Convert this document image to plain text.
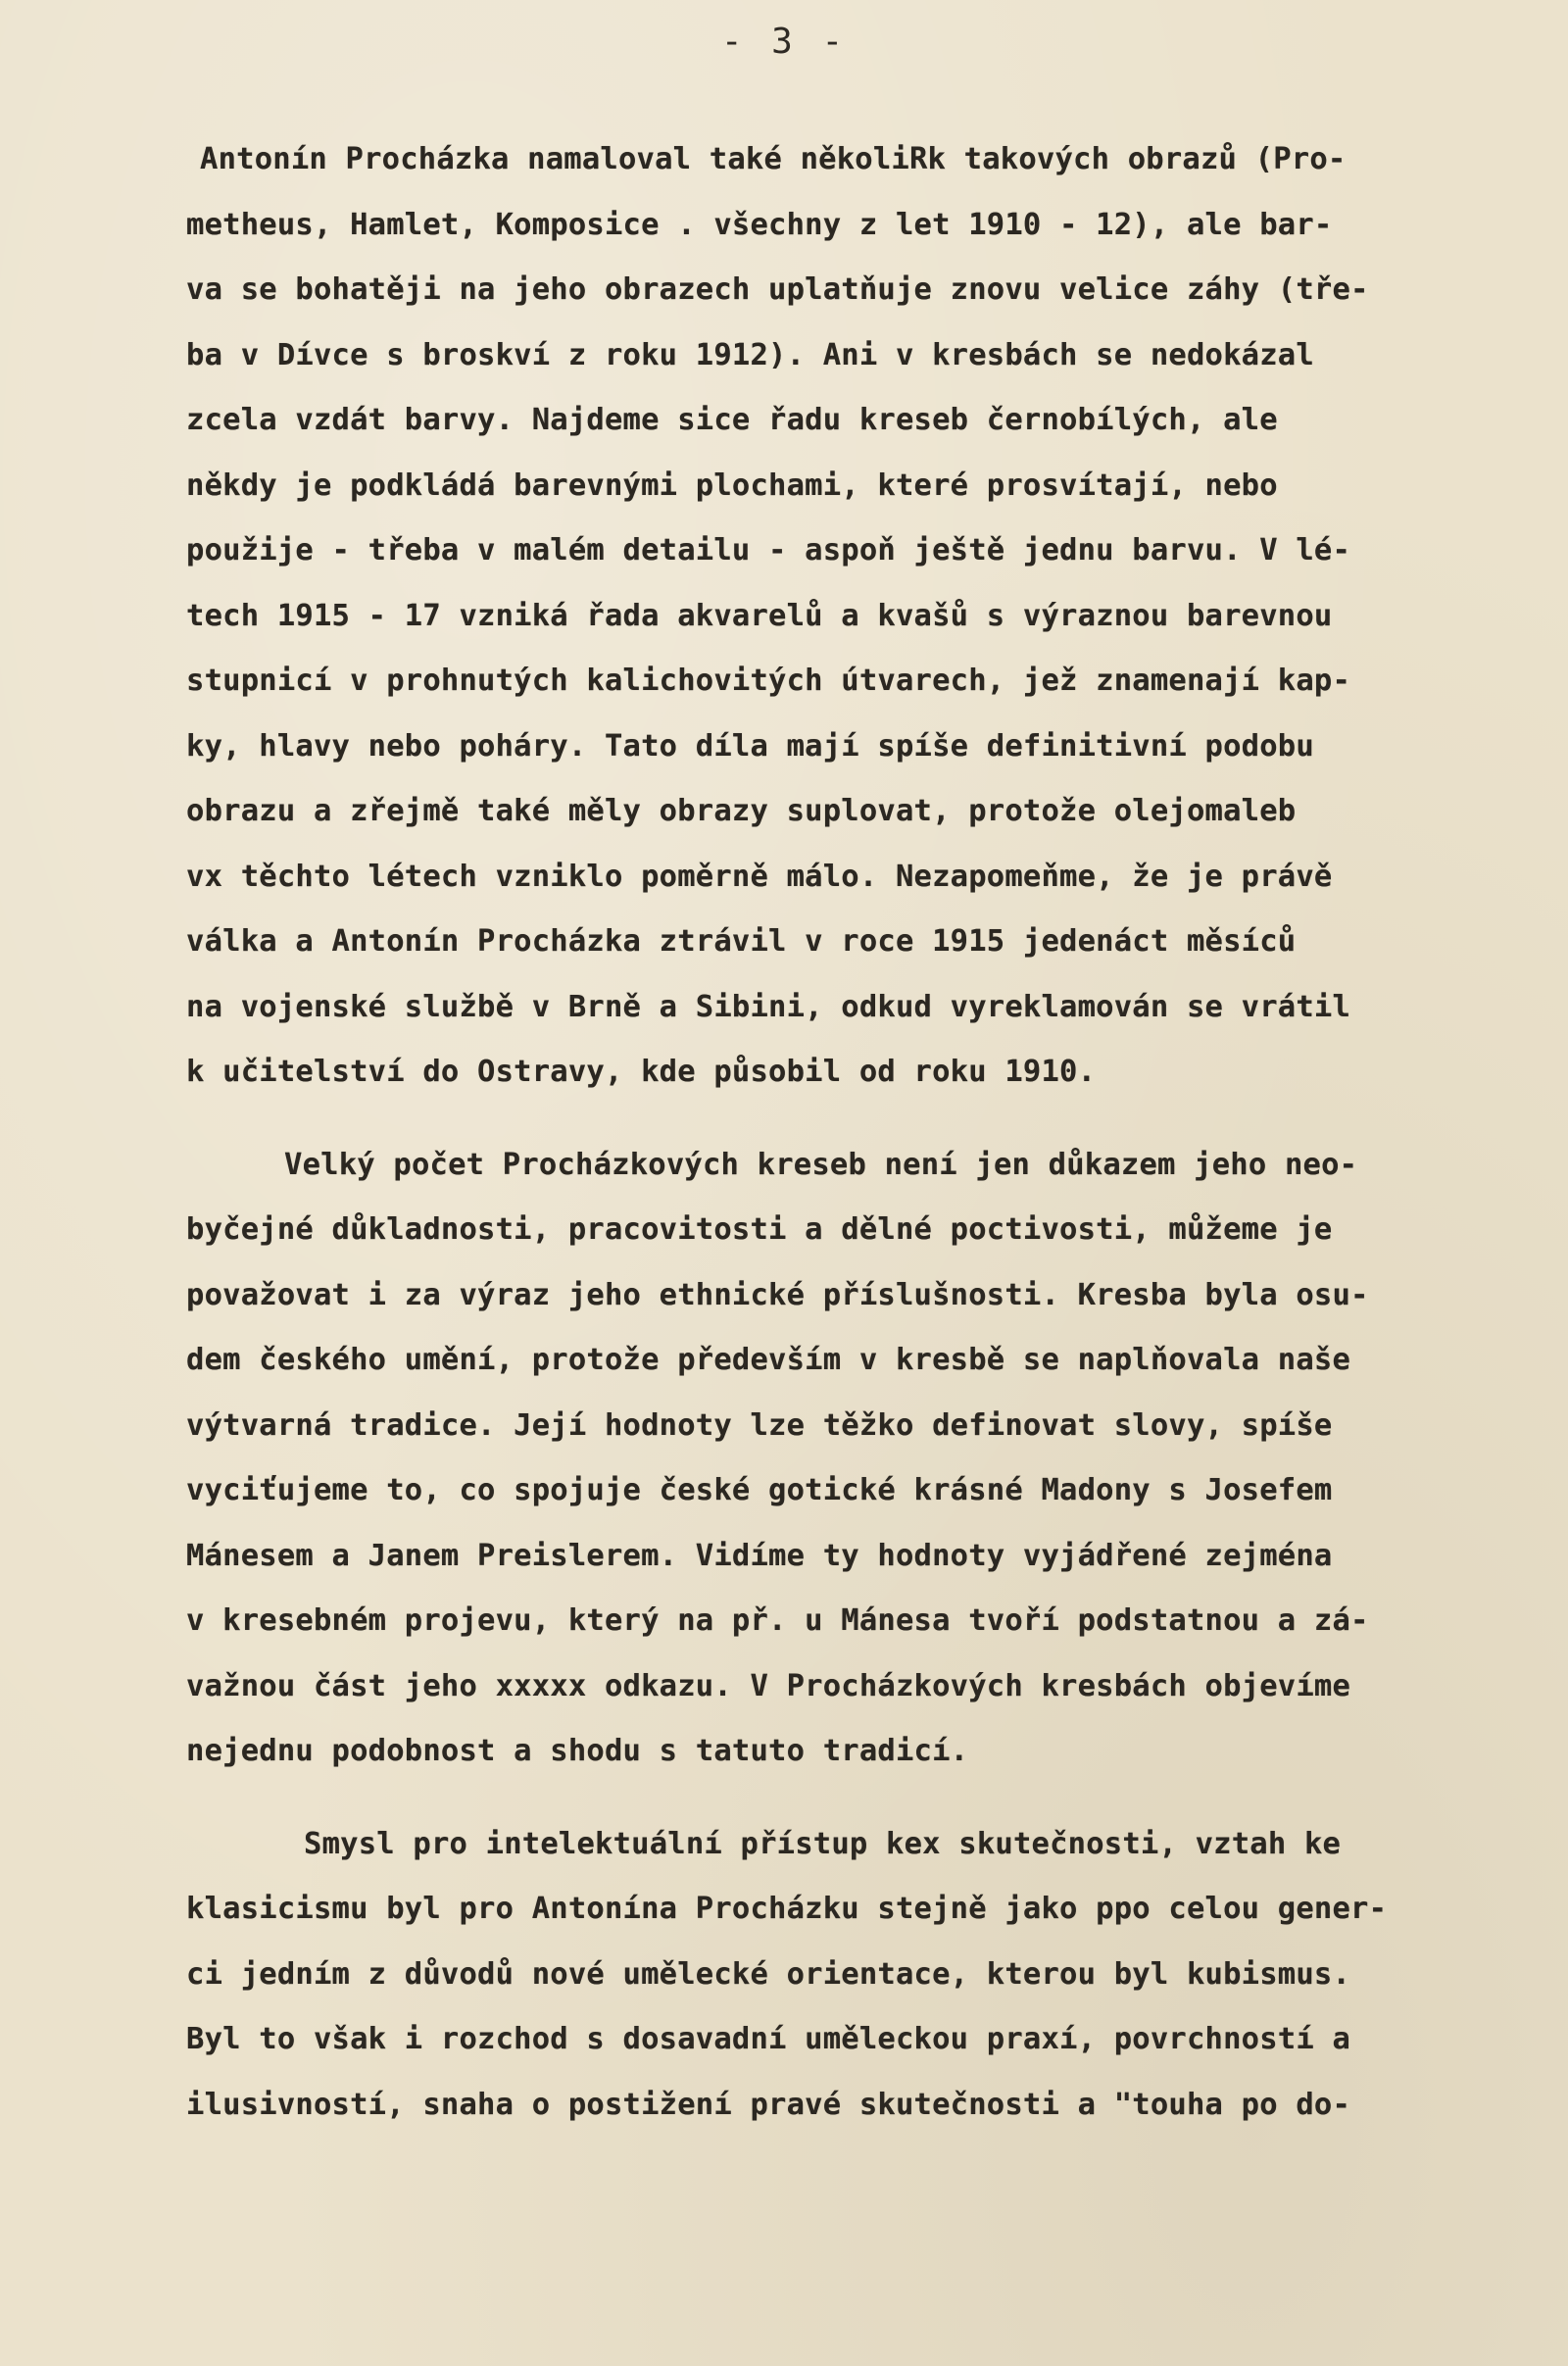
- 3 -
Antonín Procházka namaloval také několiRk takových obrazů (Pro-
metheus, Hamlet, Komposice . všechny z let 1910 - 12), ale bar-
va se bohatěji na jeho obrazech uplatňuje znovu velice záhy (tře-
ba v Dívce s broskví z roku 1912). Ani v kresbách se nedokázal
zcela vzdát barvy. Najdeme sice řadu kreseb černobílých, ale
někdy je podkládá barevnými plochami, které prosvítají, nebo
použije - třeba v malém detailu - aspoň ještě jednu barvu. V lé-
tech 1915 - 17 vzniká řada akvarelů a kvašů s výraznou barevnou
stupnicí v prohnutých kalichovitých útvarech, jež znamenají kap-
ky, hlavy nebo poháry. Tato díla mají spíše definitivní podobu
obrazu a zřejmě také měly obrazy suplovat, protože olejomaleb
vx těchto létech vzniklo poměrně málo. Nezapomeňme, že je právě
válka a Antonín Procházka ztrávil v roce 1915 jedenáct měsíců
na vojenské službě v Brně a Sibini, odkud vyreklamován se vrátil
k učitelství do Ostravy, kde působil od roku 1910.
Velký počet Procházkových kreseb není jen důkazem jeho neo-
byčejné důkladnosti, pracovitosti a dělné poctivosti, můžeme je
považovat i za výraz jeho ethnické příslušnosti. Kresba byla osu-
dem českého umění, protože především v kresbě se naplňovala naše
výtvarná tradice. Její hodnoty lze těžko definovat slovy, spíše
vyciťujeme to, co spojuje české gotické krásné Madony s Josefem
Mánesem a Janem Preislerem. Vidíme ty hodnoty vyjádřené zejména
v kresebném projevu, který na př. u Mánesa tvoří podstatnou a zá-
važnou část jeho xxxxx odkazu. V Procházkových kresbách objevíme
nejednu podobnost a shodu s tatuto tradicí.
Smysl pro intelektuální přístup kex skutečnosti, vztah ke
klasicismu byl pro Antonína Procházku stejně jako ppo celou gener-
ci jedním z důvodů nové umělecké orientace, kterou byl kubismus.
Byl to však i rozchod s dosavadní uměleckou praxí, povrchností a
ilusivností, snaha o postižení pravé skutečnosti a "touha po do-
